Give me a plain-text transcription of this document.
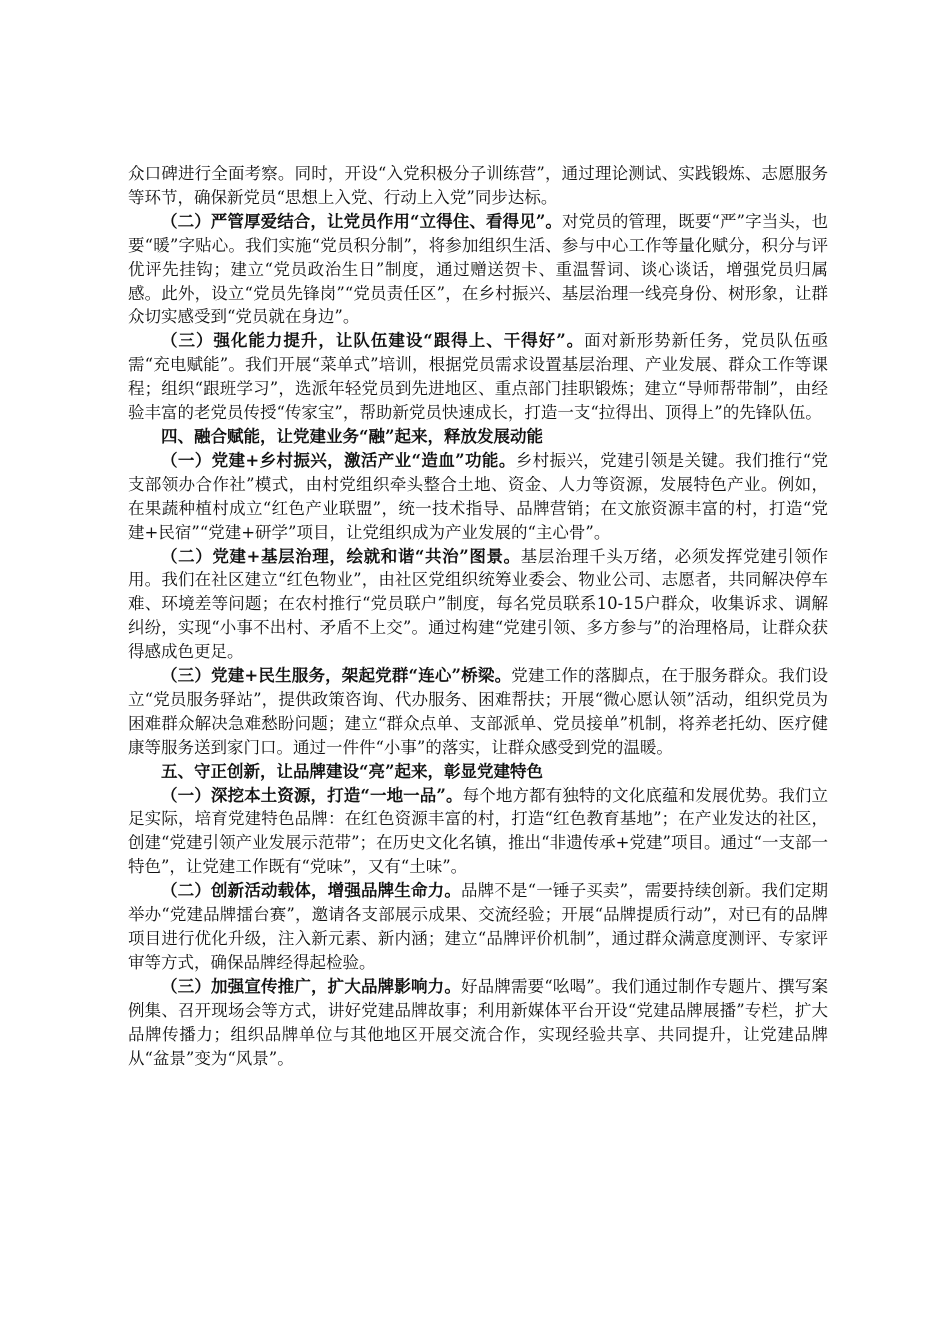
众口碑进行全面考察。同时，开设“入党积极分子训练营”，通过理论测试、实践锻炼、志愿服务等环节，确保新党员“思想上入党、行动上入党”同步达标。

（二）严管厚爱结合，让党员作用“立得住、看得见”。对党员的管理，既要“严”字当头，也要“暖”字贴心。我们实施“党员积分制”，将参加组织生活、参与中心工作等量化赋分，积分与评优评先挂钩；建立“党员政治生日”制度，通过赠送贺卡、重温誓词、谈心谈话，增强党员归属感。此外，设立“党员先锋岗”“党员责任区”，在乡村振兴、基层治理一线亮身份、树形象，让群众切实感受到“党员就在身边”。

（三）强化能力提升，让队伍建设“跟得上、干得好”。面对新形势新任务，党员队伍亟需“充电赋能”。我们开展“菜单式”培训，根据党员需求设置基层治理、产业发展、群众工作等课程；组织“跟班学习”，选派年轻党员到先进地区、重点部门挂职锻炼；建立“导师帮带制”，由经验丰富的老党员传授“传家宝”，帮助新党员快速成长，打造一支“拉得出、顶得上”的先锋队伍。

四、融合赋能，让党建业务“融”起来，释放发展动能

（一）党建+乡村振兴，激活产业“造血”功能。乡村振兴，党建引领是关键。我们推行“党支部领办合作社”模式，由村党组织牵头整合土地、资金、人力等资源，发展特色产业。例如，在果蔬种植村成立“红色产业联盟”，统一技术指导、品牌营销；在文旅资源丰富的村，打造“党建+民宿”“党建+研学”项目，让党组织成为产业发展的“主心骨”。

（二）党建+基层治理，绘就和谐“共治”图景。基层治理千头万绪，必须发挥党建引领作用。我们在社区建立“红色物业”，由社区党组织统筹业委会、物业公司、志愿者，共同解决停车难、环境差等问题；在农村推行“党员联户”制度，每名党员联系10-15户群众，收集诉求、调解纠纷，实现“小事不出村、矛盾不上交”。通过构建“党建引领、多方参与”的治理格局，让群众获得感成色更足。

（三）党建+民生服务，架起党群“连心”桥梁。党建工作的落脚点，在于服务群众。我们设立“党员服务驿站”，提供政策咨询、代办服务、困难帮扶；开展“微心愿认领”活动，组织党员为困难群众解决急难愁盼问题；建立“群众点单、支部派单、党员接单”机制，将养老托幼、医疗健康等服务送到家门口。通过一件件“小事”的落实，让群众感受到党的温暖。

五、守正创新，让品牌建设“亮”起来，彰显党建特色

（一）深挖本土资源，打造“一地一品”。每个地方都有独特的文化底蕴和发展优势。我们立足实际，培育党建特色品牌：在红色资源丰富的村，打造“红色教育基地”；在产业发达的社区，创建“党建引领产业发展示范带”；在历史文化名镇，推出“非遗传承+党建”项目。通过“一支部一特色”，让党建工作既有“党味”，又有“土味”。

（二）创新活动载体，增强品牌生命力。品牌不是“一锤子买卖”，需要持续创新。我们定期举办“党建品牌擂台赛”，邀请各支部展示成果、交流经验；开展“品牌提质行动”，对已有的品牌项目进行优化升级，注入新元素、新内涵；建立“品牌评价机制”，通过群众满意度测评、专家评审等方式，确保品牌经得起检验。

（三）加强宣传推广，扩大品牌影响力。好品牌需要“吆喝”。我们通过制作专题片、撰写案例集、召开现场会等方式，讲好党建品牌故事；利用新媒体平台开设“党建品牌展播”专栏，扩大品牌传播力；组织品牌单位与其他地区开展交流合作，实现经验共享、共同提升，让党建品牌从“盆景”变为“风景”。
